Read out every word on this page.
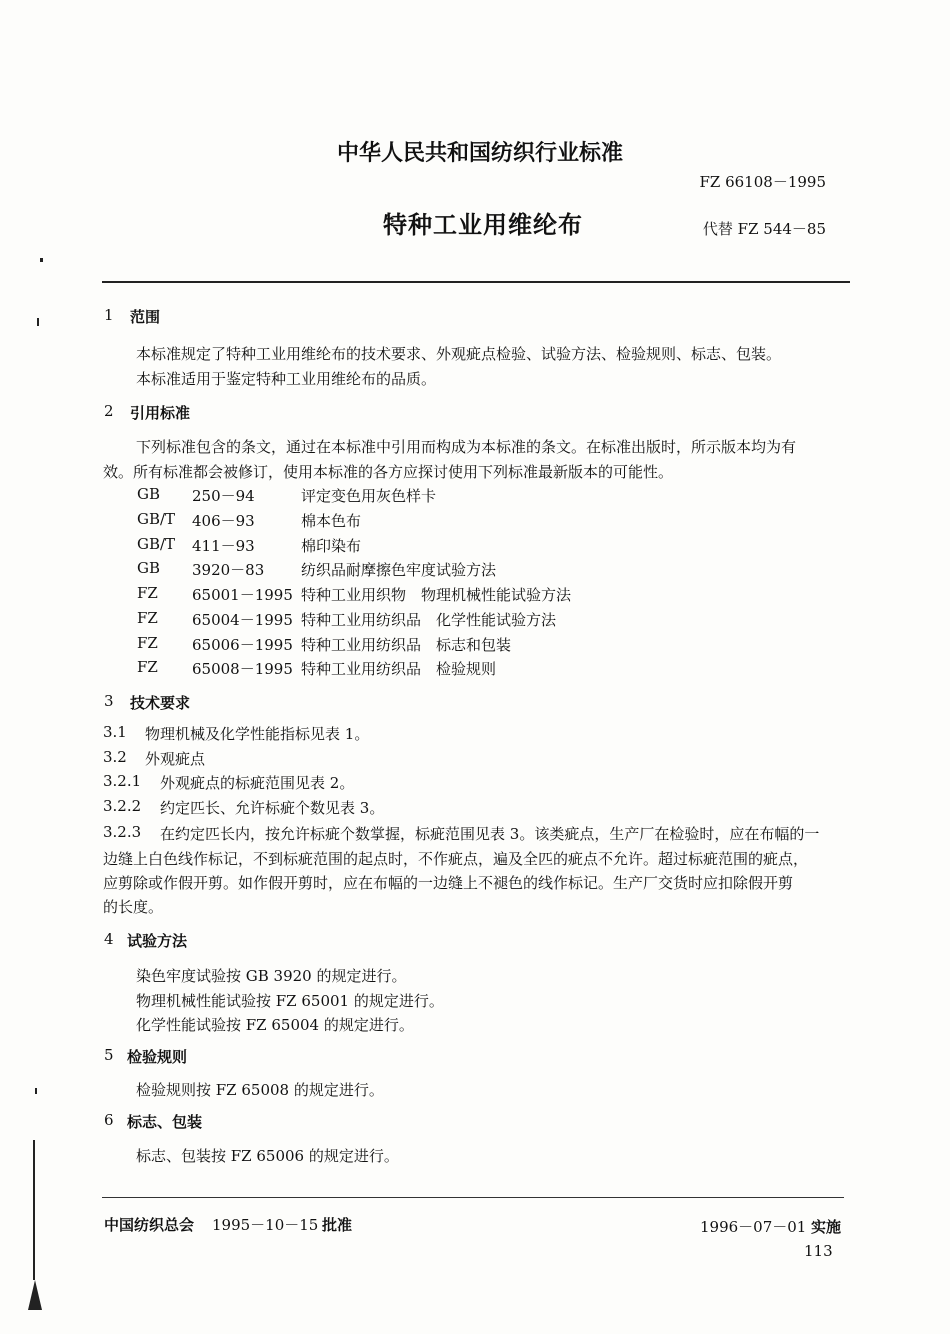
中华人民共和国纺织行业标准
FZ 66108－1995
特种工业用维纶布	代替 FZ 544－85
1 范围
本标准规定了特种工业用维纶布的技术要求、外观疵点检验、试验方法、检验规则、标志、包装。
本标准适用于鉴定特种工业用维纶布的品质。
2 引用标准
下列标准包含的条文，通过在本标准中引用而构成为本标准的条文。在标准出版时，所示版本均为有
效。所有标准都会被修订，使用本标准的各方应探讨使用下列标准最新版本的可能性。
GB 250－94	评定变色用灰色样卡
GB/T 406－93	棉本色布
GB/T 411－93	棉印染布
GB 3920－83 纺织品耐摩擦色牢度试验方法
FZ 65001－1995 特种工业用织物　物理机械性能试验方法
FZ 65004－1995 特种工业用纺织品　化学性能试验方法
FZ 65006－1995 特种工业用纺织品　标志和包装
FZ 65008－1995 特种工业用纺织品　检验规则
3 技术要求
3.1 物理机械及化学性能指标见表 1。
3.2 外观疵点
3.2.1 外观疵点的标疵范围见表 2。
3.2.2 约定匹长、允许标疵个数见表 3。
3.2.3 在约定匹长内，按允许标疵个数掌握，标疵范围见表 3。该类疵点，生产厂在检验时，应在布幅的一
边缝上白色线作标记，不到标疵范围的起点时，不作疵点，遍及全匹的疵点不允许。超过标疵范围的疵点，
应剪除或作假开剪。如作假开剪时，应在布幅的一边缝上不褪色的线作标记。生产厂交货时应扣除假开剪
的长度。
4 试验方法
染色牢度试验按 GB 3920 的规定进行。
物理机械性能试验按 FZ 65001 的规定进行。
化学性能试验按 FZ 65004 的规定进行。
5 检验规则
检验规则按 FZ 65008 的规定进行。
6 标志、包装
标志、包装按 FZ 65006 的规定进行。
中国纺织总会 1995－10－15 批准	1996－07－01 实施
113
